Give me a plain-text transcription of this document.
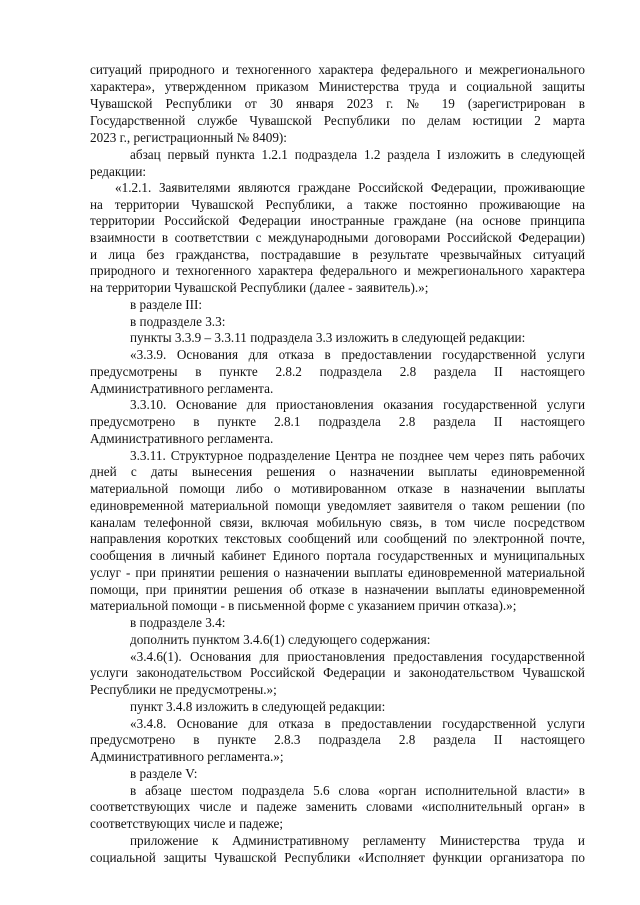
ситуаций природного и техногенного характера федерального и межрегионального
характера», утвержденном приказом Министерства труда и социальной защиты
Чувашской Республики от 30 января 2023 г. № 19 (зарегистрирован в
Государственной службе Чувашской Республики по делам юстиции 2 марта
2023 г., регистрационный № 8409):
абзац первый пункта 1.2.1 подраздела 1.2 раздела I изложить в следующей
редакции:
«1.2.1. Заявителями являются граждане Российской Федерации, проживающие
на территории Чувашской Республики, а также постоянно проживающие на
территории Российской Федерации иностранные граждане (на основе принципа
взаимности в соответствии с международными договорами Российской Федерации)
и лица без гражданства, пострадавшие в результате чрезвычайных ситуаций
природного и техногенного характера федерального и межрегионального характера
на территории Чувашской Республики (далее - заявитель).»;
в разделе III:
в подразделе 3.3:
пункты 3.3.9 – 3.3.11 подраздела 3.3 изложить в следующей редакции:
«3.3.9. Основания для отказа в предоставлении государственной услуги
предусмотрены в пункте 2.8.2 подраздела 2.8 раздела II настоящего
Административного регламента.
3.3.10. Основание для приостановления оказания государственной услуги
предусмотрено в пункте 2.8.1 подраздела 2.8 раздела II настоящего
Административного регламента.
3.3.11. Структурное подразделение Центра не позднее чем через пять рабочих
дней с даты вынесения решения о назначении выплаты единовременной
материальной помощи либо о мотивированном отказе в назначении выплаты
единовременной материальной помощи уведомляет заявителя о таком решении (по
каналам телефонной связи, включая мобильную связь, в том числе посредством
направления коротких текстовых сообщений или сообщений по электронной почте,
сообщения в личный кабинет Единого портала государственных и муниципальных
услуг - при принятии решения о назначении выплаты единовременной материальной
помощи, при принятии решения об отказе в назначении выплаты единовременной
материальной помощи - в письменной форме с указанием причин отказа).»;
в подразделе 3.4:
дополнить пунктом 3.4.6(1) следующего содержания:
«3.4.6(1). Основания для приостановления предоставления государственной
услуги законодательством Российской Федерации и законодательством Чувашской
Республики не предусмотрены.»;
пункт 3.4.8 изложить в следующей редакции:
«3.4.8. Основание для отказа в предоставлении государственной услуги
предусмотрено в пункте 2.8.3 подраздела 2.8 раздела II настоящего
Административного регламента.»;
в разделе V:
в абзаце шестом подраздела 5.6 слова «орган исполнительной власти» в
соответствующих числе и падеже заменить словами «исполнительный орган» в
соответствующих числе и падеже;
приложение к Административному регламенту Министерства труда и
социальной защиты Чувашской Республики «Исполняет функции организатора по
